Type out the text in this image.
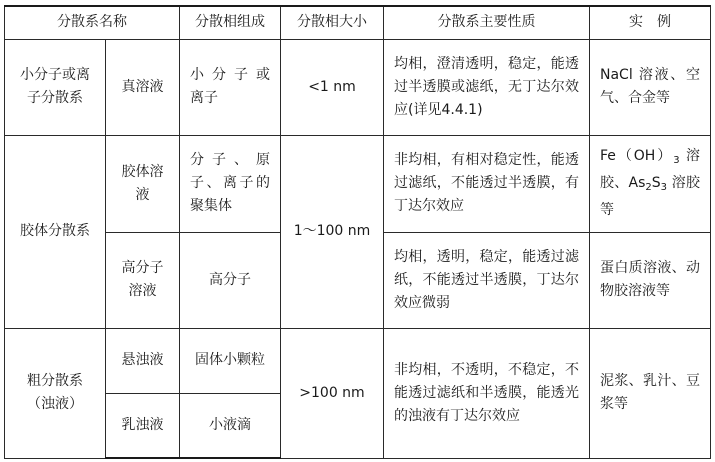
分散系名称		分散相组成	分散相大小	分散系主要性质	实　例
小分子或离子分散系	真溶液	小 分 子 或 离子	<1 nm	均相，澄清透明，稳定，能透过半透膜或滤纸，无丁达尔效应(详见4.4.1)	NaCl 溶液、空气、合金等
胶体分散系	胶体溶液	分子、原子、离子的聚集体	1～100 nm	非均相，有相对稳定性，能透过滤纸，不能透过半透膜，有丁达尔效应	$Fe(OH)_3$ 溶胶、$As_2S_3$ 溶胶等
	高分子溶液	高分子		均相，透明，稳定，能透过滤纸，不能透过半透膜，丁达尔效应微弱	蛋白质溶液、动物胶溶液等
粗分散系（浊液）	悬浊液	固体小颗粒	>100 nm	非均相，不透明，不稳定，不能透过滤纸和半透膜，能透光的浊液有丁达尔效应	泥浆、乳汁、豆浆等
	乳浊液	小液滴			
